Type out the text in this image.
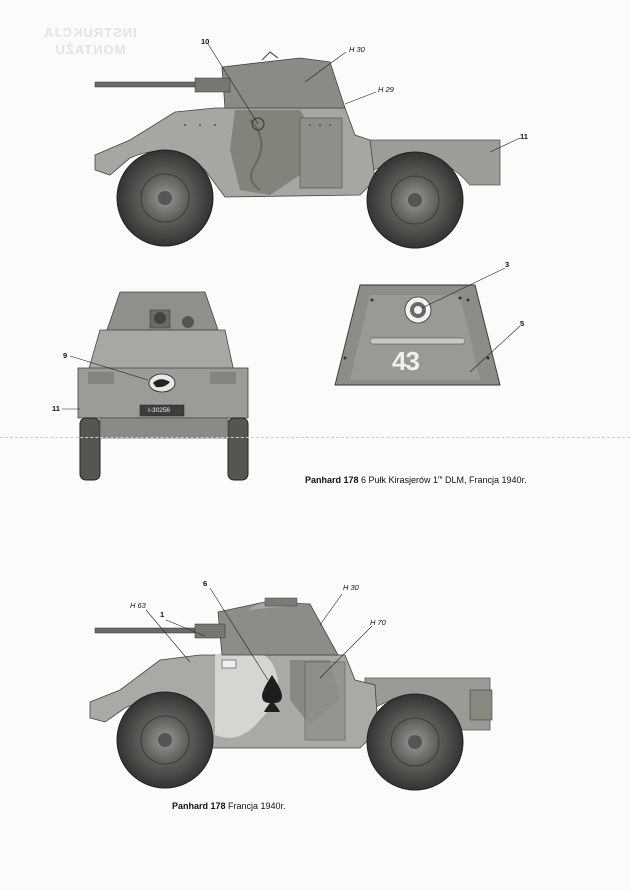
INSTRUKCJA
MONTAŻU
10
H 30
H 29
11
9
11	I-30256
3
5
43
Panhard 178 6 Pułk Kirasjerów 1re DLM, Francja 1940r.
6
H 63
1
H 30
H 70
Panhard 178 Francja 1940r.
